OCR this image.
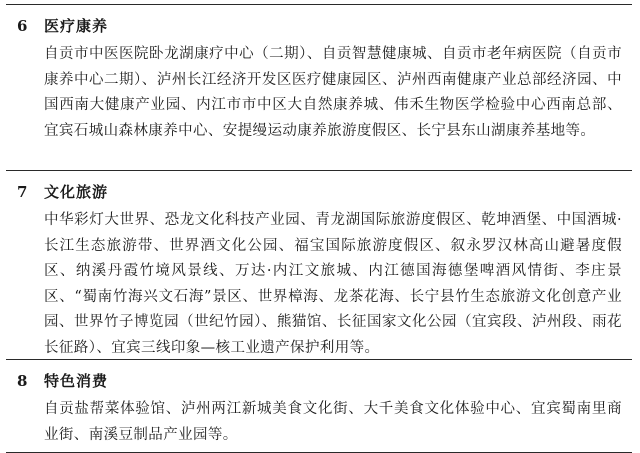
6 医疗康养
自贡市中医医院卧龙湖康疗中心（二期）、自贡智慧健康城、自贡市老年病医院（自贡市康养中心二期）、泸州长江经济开发区医疗健康园区、泸州西南健康产业总部经济园、中国西南大健康产业园、内江市市中区大自然康养城、伟禾生物医学检验中心西南总部、宜宾石城山森林康养中心、安提缦运动康养旅游度假区、长宁县东山湖康养基地等。
7 文化旅游
中华彩灯大世界、恐龙文化科技产业园、青龙湖国际旅游度假区、乾坤酒堡、中国酒城·长江生态旅游带、世界酒文化公园、福宝国际旅游度假区、叙永罗汉林高山避暑度假区、纳溪丹霞竹境风景线、万达·内江文旅城、内江德国海德堡啤酒风情街、李庄景区、“蜀南竹海兴文石海”景区、世界樟海、龙茶花海、长宁县竹生态旅游文化创意产业园、世界竹子博览园（世纪竹园）、熊猫馆、长征国家文化公园（宜宾段、泸州段、雨花长征路）、宜宾三线印象—核工业遗产保护利用等。
8 特色消费
自贡盐帮菜体验馆、泸州两江新城美食文化街、大千美食文化体验中心、宜宾蜀南里商业街、南溪豆制品产业园等。
